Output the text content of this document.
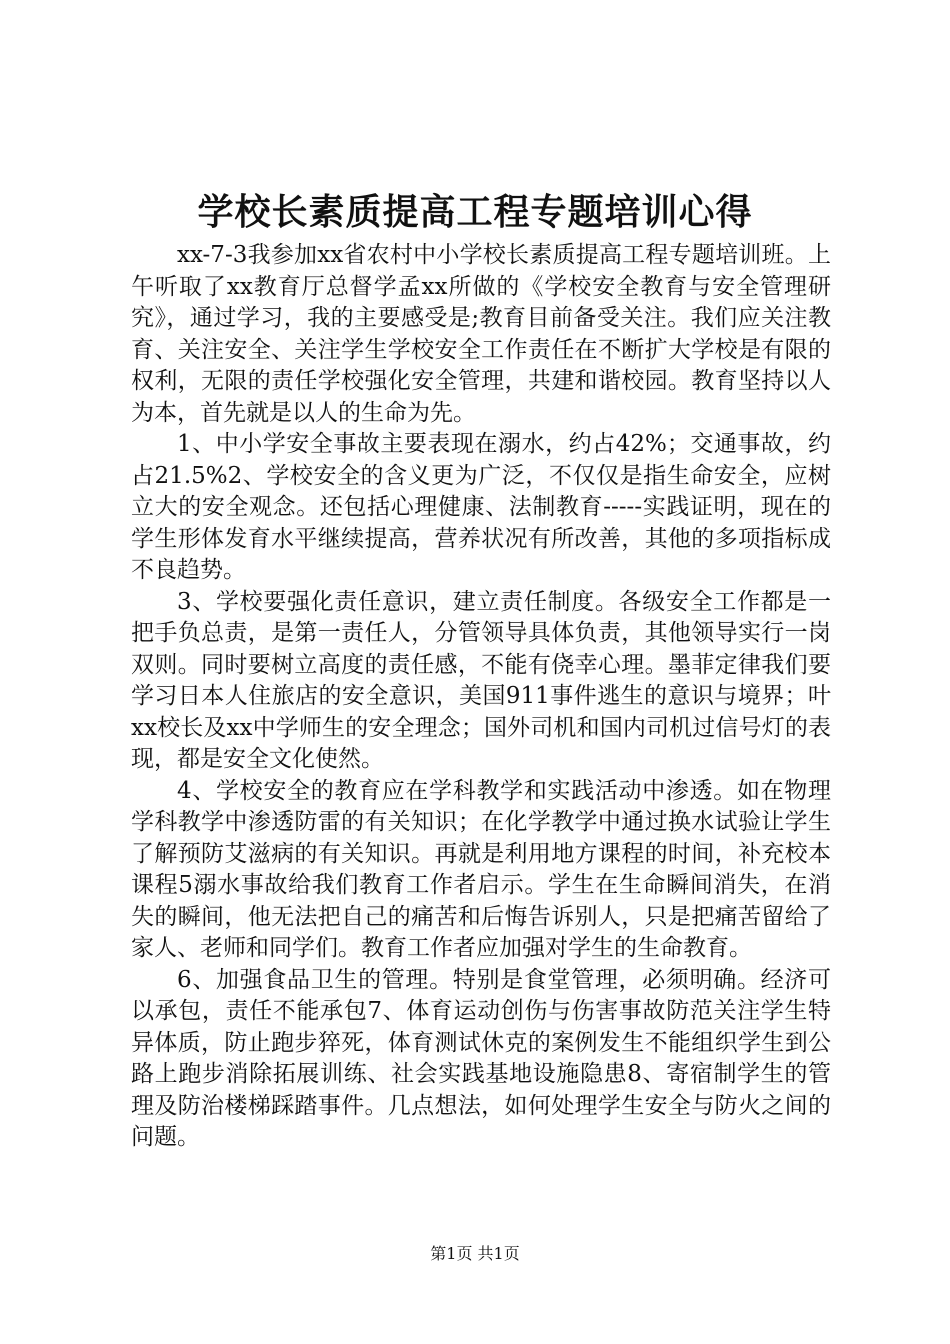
学校长素质提高工程专题培训心得

xx-7-3我参加xx省农村中小学校长素质提高工程专题培训班。上午听取了xx教育厅总督学孟xx所做的《学校安全教育与安全管理研究》，通过学习，我的主要感受是;教育目前备受关注。我们应关注教育、关注安全、关注学生学校安全工作责任在不断扩大学校是有限的权利，无限的责任学校强化安全管理，共建和谐校园。教育坚持以人为本，首先就是以人的生命为先。

1、中小学安全事故主要表现在溺水，约占42%；交通事故，约占21.5%2、学校安全的含义更为广泛，不仅仅是指生命安全，应树立大的安全观念。还包括心理健康、法制教育-----实践证明，现在的学生形体发育水平继续提高，营养状况有所改善，其他的多项指标成不良趋势。

3、学校要强化责任意识，建立责任制度。各级安全工作都是一把手负总责，是第一责任人，分管领导具体负责，其他领导实行一岗双则。同时要树立高度的责任感，不能有侥幸心理。墨菲定律我们要学习日本人住旅店的安全意识，美国911事件逃生的意识与境界；叶xx校长及xx中学师生的安全理念；国外司机和国内司机过信号灯的表现，都是安全文化使然。

4、学校安全的教育应在学科教学和实践活动中渗透。如在物理学科教学中渗透防雷的有关知识；在化学教学中通过换水试验让学生了解预防艾滋病的有关知识。再就是利用地方课程的时间，补充校本课程5溺水事故给我们教育工作者启示。学生在生命瞬间消失，在消失的瞬间，他无法把自己的痛苦和后悔告诉别人，只是把痛苦留给了家人、老师和同学们。教育工作者应加强对学生的生命教育。

6、加强食品卫生的管理。特别是食堂管理，必须明确。经济可以承包，责任不能承包7、体育运动创伤与伤害事故防范关注学生特异体质，防止跑步猝死，体育测试休克的案例发生不能组织学生到公路上跑步消除拓展训练、社会实践基地设施隐患8、寄宿制学生的管理及防治楼梯踩踏事件。几点想法，如何处理学生安全与防火之间的问题。

第1页 共1页
